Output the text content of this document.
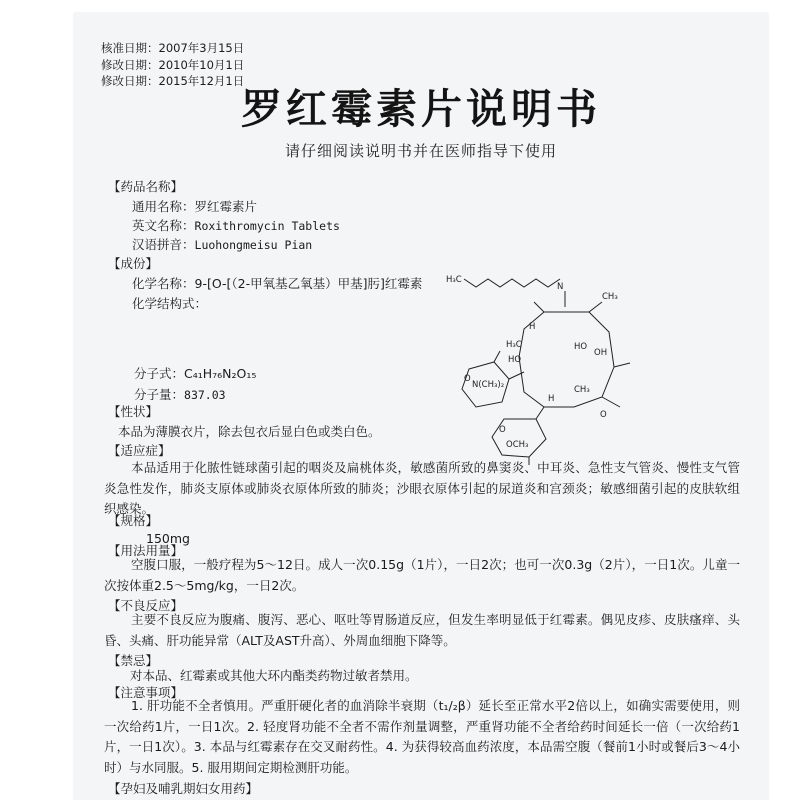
核准日期：2007年3月15日
修改日期：2010年10月1日
修改日期：2015年12月1日
罗红霉素片说明书
请仔细阅读说明书并在医师指导下使用
【药品名称】
通用名称：罗红霉素片
英文名称：Roxithromycin Tablets
汉语拼音：Luohongmeisu Pian
【成份】
化学名称：9-[O-[（2-甲氧基乙氧基）甲基]肟]红霉素
化学结构式：
H₃C
N
CH₃
H
H₃C
HO
HO
OH
O
H
CH₃
O
N(CH₃)₂
O
OCH₃
分子式：C₄₁H₇₆N₂O₁₅
分子量：837.03
【性状】
本品为薄膜衣片，除去包衣后显白色或类白色。
【适应症】
本品适用于化脓性链球菌引起的咽炎及扁桃体炎，敏感菌所致的鼻窦炎、中耳炎、急性支气管炎、慢性支气管炎急性发作，肺炎支原体或肺炎衣原体所致的肺炎；沙眼衣原体引起的尿道炎和宫颈炎；敏感细菌引起的皮肤软组织感染。
【规格】
150mg
【用法用量】
空腹口服，一般疗程为5～12日。成人一次0.15g（1片），一日2次；也可一次0.3g（2片），一日1次。儿童一次按体重2.5～5mg/kg，一日2次。
【不良反应】
主要不良反应为腹痛、腹泻、恶心、呕吐等胃肠道反应，但发生率明显低于红霉素。偶见皮疹、皮肤瘙痒、头昏、头痛、肝功能异常（ALT及AST升高）、外周血细胞下降等。
【禁忌】
对本品、红霉素或其他大环内酯类药物过敏者禁用。
【注意事项】
1. 肝功能不全者慎用。严重肝硬化者的血消除半衰期（t₁/₂β）延长至正常水平2倍以上，如确实需要使用，则一次给药1片，一日1次。2. 轻度肾功能不全者不需作剂量调整，严重肾功能不全者给药时间延长一倍（一次给药1片，一日1次）。3. 本品与红霉素存在交叉耐药性。4. 为获得较高血药浓度，本品需空腹（餐前1小时或餐后3～4小时）与水同服。5. 服用期间定期检测肝功能。
【孕妇及哺乳期妇女用药】
